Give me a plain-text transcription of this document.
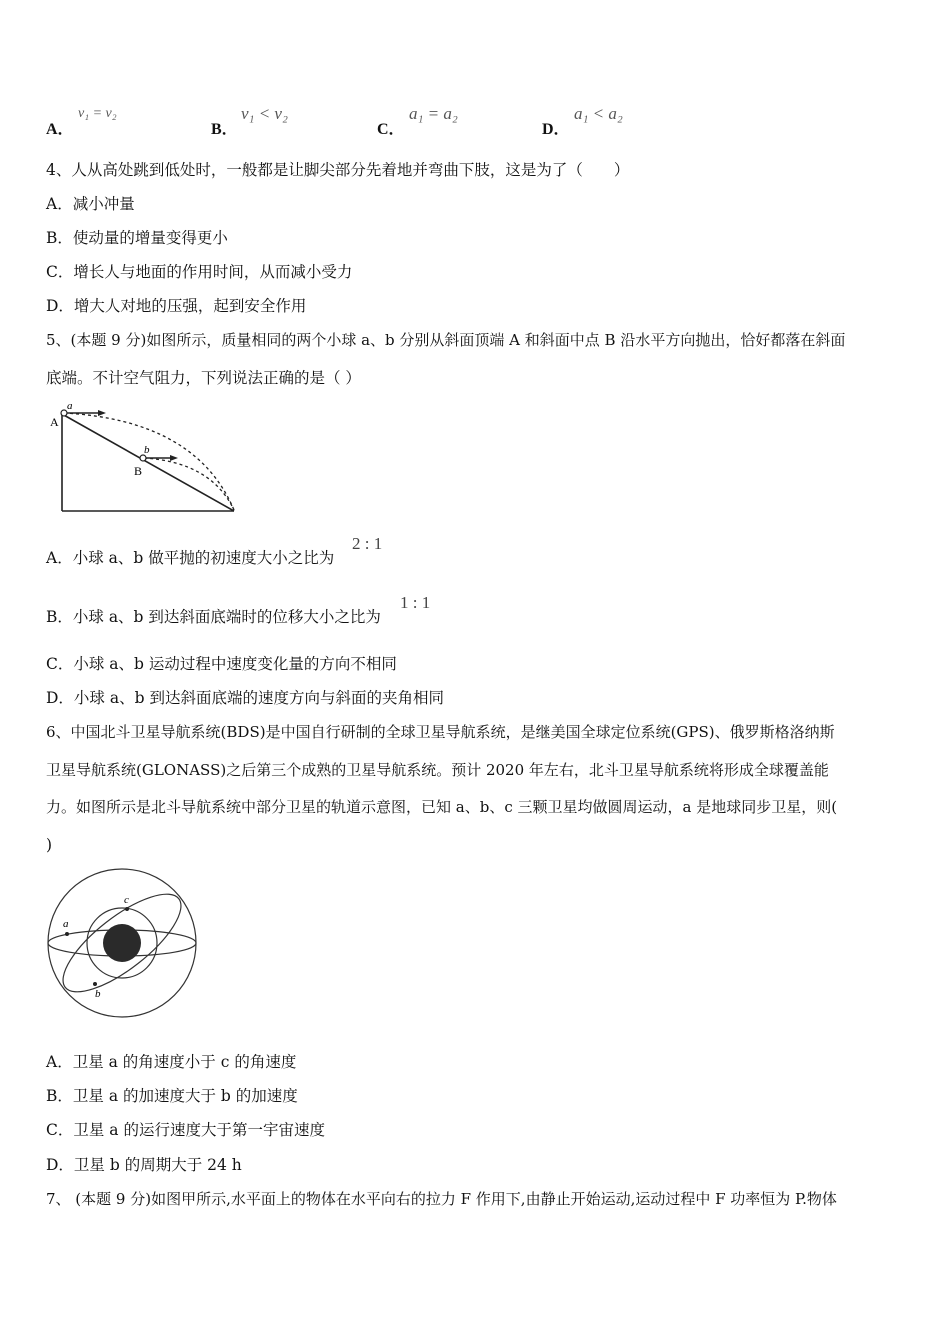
A．
v₁ = v₂
B．
v₁ < v₂
C．
a₁ = a₂
D．
a₁ < a₂
4、人从高处跳到低处时，一般都是让脚尖部分先着地并弯曲下肢，这是为了（　　）
A．减小冲量
B．使动量的增量变得更小
C．增长人与地面的作用时间，从而减小受力
D．增大人对地的压强，起到安全作用
5、(本题 9 分)如图所示，质量相同的两个小球 a、b 分别从斜面顶端 A 和斜面中点 B 沿水平方向抛出，恰好都落在斜面
底端。不计空气阻力，下列说法正确的是（ ）
a
A
b
B
A．小球 a、b 做平抛的初速度大小之比为
2 : 1
B．小球 a、b 到达斜面底端时的位移大小之比为
1 : 1
C．小球 a、b 运动过程中速度变化量的方向不相同
D．小球 a、b 到达斜面底端的速度方向与斜面的夹角相同
6、中国北斗卫星导航系统(BDS)是中国自行研制的全球卫星导航系统，是继美国全球定位系统(GPS)、俄罗斯格洛纳斯
卫星导航系统(GLONASS)之后第三个成熟的卫星导航系统。预计 2020 年左右，北斗卫星导航系统将形成全球覆盖能
力。如图所示是北斗导航系统中部分卫星的轨道示意图，已知 a、b、c 三颗卫星均做圆周运动，a 是地球同步卫星，则(
)
a
b
c
A．卫星 a 的角速度小于 c 的角速度
B．卫星 a 的加速度大于 b 的加速度
C．卫星 a 的运行速度大于第一宇宙速度
D．卫星 b 的周期大于 24 h
7、 (本题 9 分)如图甲所示,水平面上的物体在水平向右的拉力 F 作用下,由静止开始运动,运动过程中 F 功率恒为 P.物体
